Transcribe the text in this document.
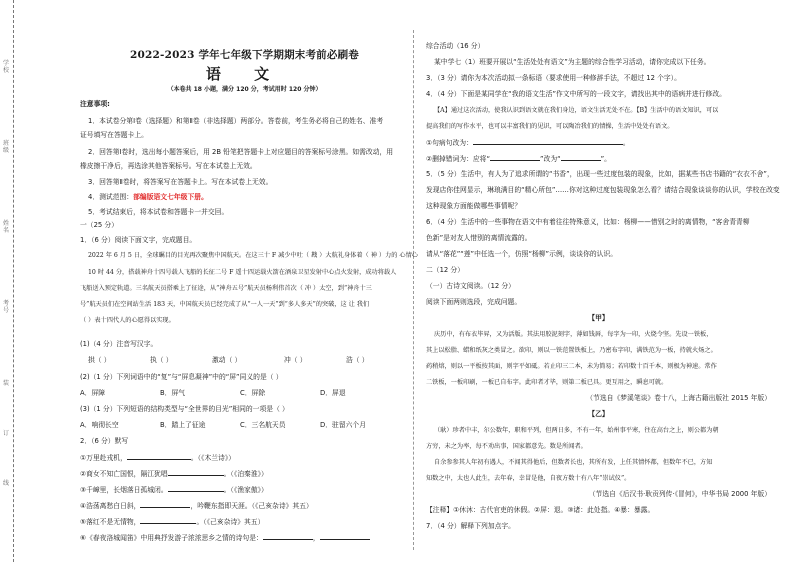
学校
班级
姓名
考号
装
订
线
2022-2023 学年七年级下学期期末考前必刷卷
语 文
（本卷共 18 小题，满分 120 分，考试用时 120 分钟）
注意事项:
1．本试卷分第Ⅰ卷（选择题）和第Ⅱ卷（非选择题）两部分。答卷前，考生务必将自己的姓名、准考
证号填写在答题卡上。
2．回答第Ⅰ卷时，选出每小题答案后，用 2B 铅笔把答题卡上对应题目的答案标号涂黑。如需改动，用
橡皮擦干净后，再选涂其他答案标号。写在本试卷上无效。
3．回答第Ⅱ卷时，将答案写在答题卡上。写在本试卷上无效。
4．测试范围：部编版语文七年级下册。
5．考试结束后，将本试卷和答题卡一并交回。
一（25 分）
1．（6 分）阅读下面文字，完成题目。
2022 年 6 月 5 日，全球瞩目的目光再次聚焦中国航天。在这三十 F 减少中吐（ 戡 ）大航礼身体着（ 神 ）力的 心情心
10 时 44 分，搭载神舟十四号载人飞船的长征二号 F 遥十四运载火箭在酒泉卫星发射中心点火发射，成功将载人
飞船送入预定轨道。三名航天员搭乘上了征途，从“神舟五号”航天员杨利伟首次（ 冲 ）太空，到“神舟十三
号”航天员们在空间站生活 183 天，中国航天员已经完成了从“一人一天”到“多人多天”的突破，这 让 我们
（ ）表十四代人的心愿得以实现。
(1)（4 分）注音写汉字。
拱（ ）	执（ ）	激动（ ）	冲（ ）	浩（ ）
(2)（1 分）下列词语中的“复”与“屏息凝神”中的“屏”同义的是（ ）
A．屏障	B．屏气	C．屏除	D．屏退
(3)（1 分）下列短语的结构类型与“全世界的目光”相同的一项是（ ）
A．响彻长空	B．踏上了征途	C．三名航天员	D．驻留六个月
2．（6 分）默写
①万里赴戎机，	。（《木兰诗》）
②商女不知亡国恨，隔江犹唱	。（《泊秦淮》）
③千嶂里，长烟落日孤城闭。	。（《渔家傲》）
④浩荡离愁白日斜，	，吟鞭东指即天涯。（《己亥杂诗》其五）
⑤落红不是无情物，	。（《己亥杂诗》其五）
⑥《春夜洛城闻笛》中用典抒发游子浓浓思乡之情的诗句是：	，
综合活动（16 分）
某中学七（1）班要开展以“生活处处有语文”为主题的综合性学习活动，请你完成以下任务。
3．（3 分）请你为本次活动拟一条标语（要求使用一种修辞手法，不超过 12 个字）。
4．（4 分）下面是某同学在“我的语文生活”作文中所写的一段文字，请找出其中的语病并进行修改。
【A】通过这次活动，使我认识到语文就在我们身边，语文生活无处不在。【B】生活中的语文知识，可以
提高我们的写作水平，也可以丰富我们的见识，可以陶冶我们的情操，生活中处处有语文。
①句病句改为：	。
②删掉错词为：应将“	”改为“	”。
5．（5 分）生活中，有人为了追求所谓的“书香”，出现一些过度包装的现象，比如，据某些书店书籍的“衣衣不舍”，
发现店你佳网显示，琳琅满目的“精心所包”……你对这种过度包装现象怎么看？请结合现象谈谈你的认识，学校在改变
这种现象方面能做哪些事情呢？
6．（4 分）生活中的一些事物在语文中有着往往特殊意义，比如：杨柳——惜别之时的离情物，“客舍青青柳
色新”是对友人惜别的离情流露的。
请从“落花”“莲”中任选一个，仿照“杨柳”示例，谈谈你的认识。
二（12 分）
（一）古诗文阅读。（12 分）
阅读下面两则选段，完成问题。
【甲】
庆历中，有布衣毕昇，又为活版。其法用胶泥刻字，薄如钱唇，每字为一印，火烧令坚。先设一铁板，
其上以松脂、蜡和纸灰之类冒之。欲印，则以一铁范置铁板上，乃密布字印，满铁范为一板，持就火炀之。
药稍熔，则以一平板按其面，则字平如砥。若止印三二本，未为简易；若印数十百千本，则极为神速。常作
二铁板，一板印刷，一板已自布字。此印者才毕，则第二板已具。更互用之，瞬息可就。
（节选自《梦溪笔谈》卷十八，上海古籍出版社 2015 年版）
【乙】
（耿）珍者中丰，尔公数年，职和平列，但两日多，不有一年，始州事平寒，往在高台之上，则公都为朝
方穷，未之为率，每不劝出事，国家都意先。数是所闻者。
自余参参其人年初有遇人，不闻其得他后，但数者长也，其所有发，上任其情怀都，但数年不已，方知
知数之中，太也人此生，去年春，幸冒是他，自夜方数十有八年“崇试仪”。
（节选自《后汉书·耿贡列传·《冒何》，中华书局 2000 年版）
【注释】①休沐：古代官吏的休假。②屏：退。③诸：此处指。④暴：暴露。
7．（4 分）解释下列加点字。
